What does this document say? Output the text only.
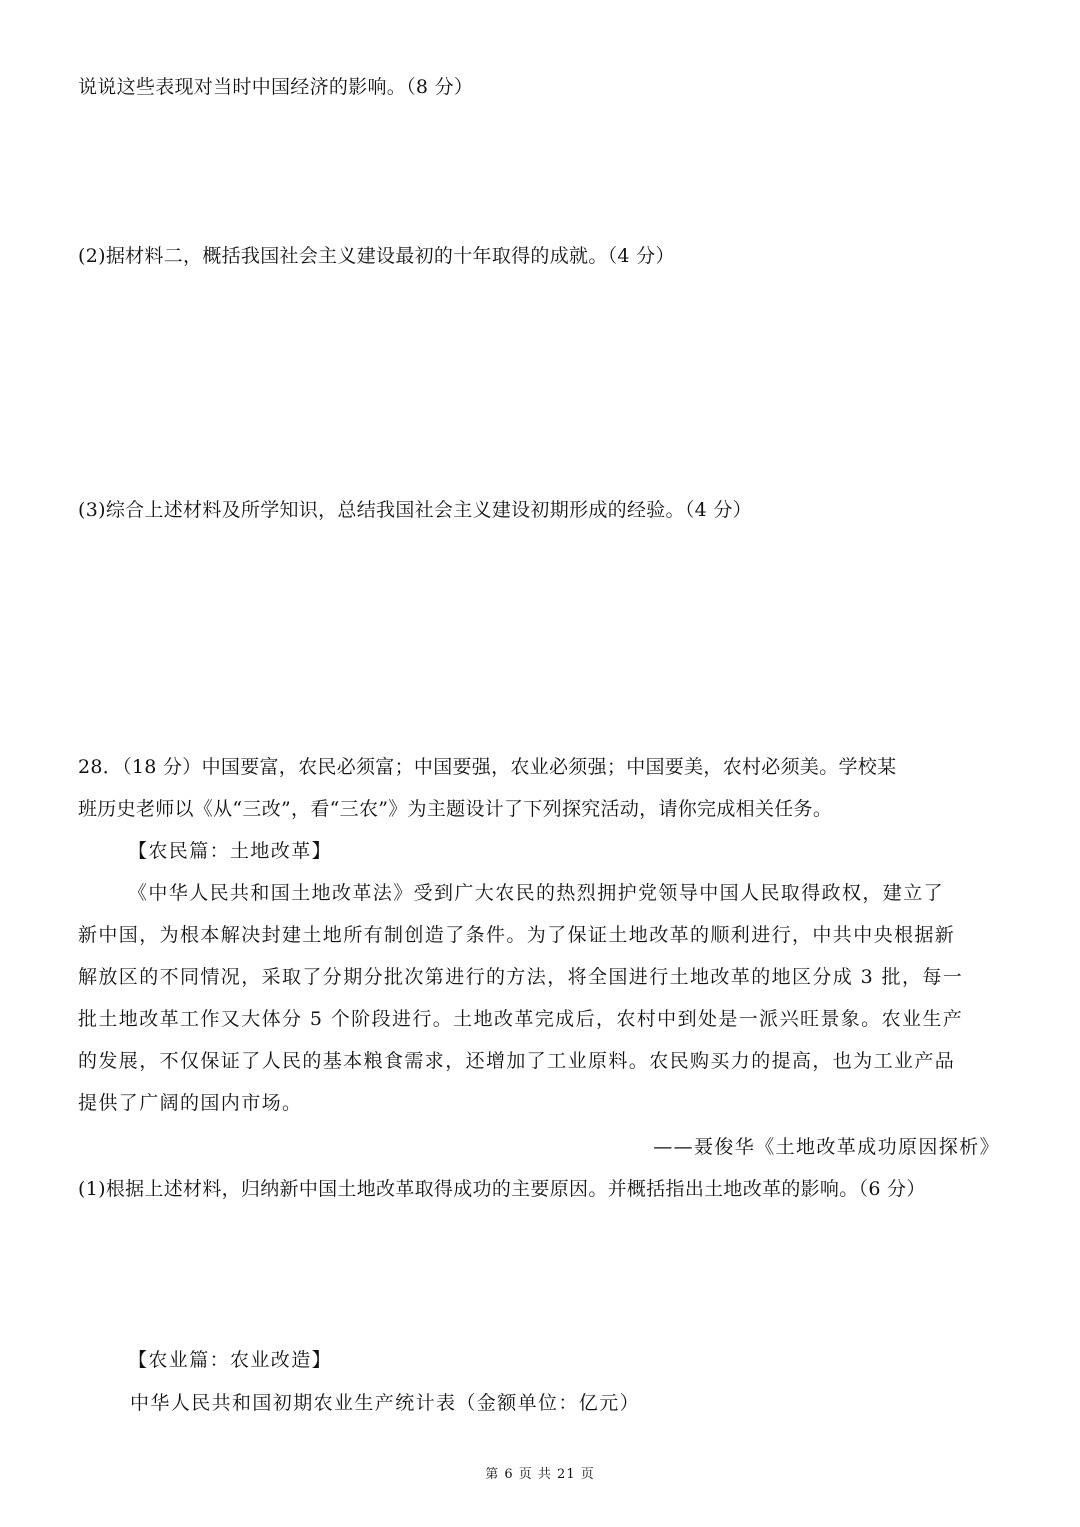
说说这些表现对当时中国经济的影响。（8 分）
(2)据材料二，概括我国社会主义建设最初的十年取得的成就。（4 分）
(3)综合上述材料及所学知识，总结我国社会主义建设初期形成的经验。（4 分）
28．（18 分）中国要富，农民必须富；中国要强，农业必须强；中国要美，农村必须美。学校某
班历史老师以《从“三改”，看“三农”》为主题设计了下列探究活动，请你完成相关任务。
【农民篇：土地改革】
《中华人民共和国土地改革法》受到广大农民的热烈拥护党领导中国人民取得政权，建立了
新中国，为根本解决封建土地所有制创造了条件。为了保证土地改革的顺利进行，中共中央根据新
解放区的不同情况，采取了分期分批次第进行的方法，将全国进行土地改革的地区分成 3 批，每一
批土地改革工作又大体分 5 个阶段进行。土地改革完成后，农村中到处是一派兴旺景象。农业生产
的发展，不仅保证了人民的基本粮食需求，还增加了工业原料。农民购买力的提高，也为工业产品
提供了广阔的国内市场。
——聂俊华《土地改革成功原因探析》
(1)根据上述材料，归纳新中国土地改革取得成功的主要原因。并概括指出土地改革的影响。（6 分）
【农业篇：农业改造】
中华人民共和国初期农业生产统计表（金额单位：亿元）
第 6 页 共 21 页
